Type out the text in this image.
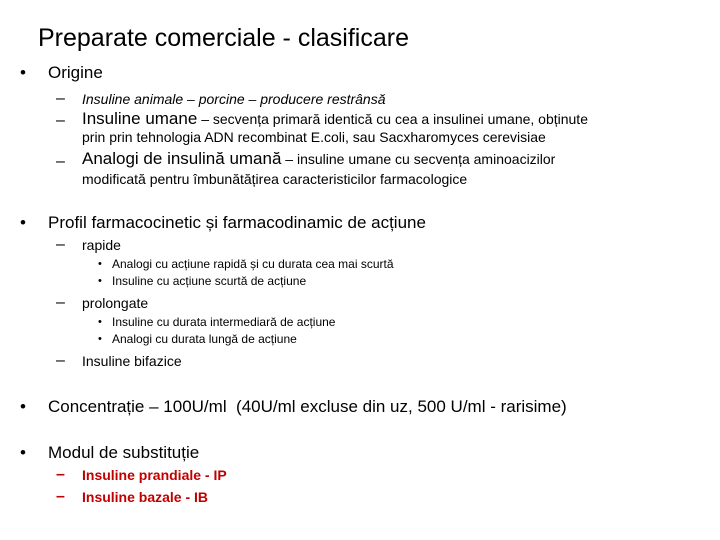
Preparate comerciale - clasificare
• Origine
– Insuline animale – porcine – producere restrânsă
– Insuline umane – secvența primară identică cu cea a insulinei umane, obținute
prin prin tehnologia ADN recombinat E.coli, sau Sacxharomyces cerevisiae
– Analogi de insulină umană – insuline umane cu secvența aminoacizilor
modificată pentru îmbunătățirea caracteristicilor farmacologice
• Profil farmacocinetic și farmacodinamic de acțiune
– rapide
• Analogi cu acțiune rapidă și cu durata cea mai scurtă
• Insuline cu acțiune scurtă de acțiune
– prolongate
• Insuline cu durata intermediară de acțiune
• Analogi cu durata lungă de acțiune
– Insuline bifazice
• Concentrație – 100U/ml (40U/ml excluse din uz, 500 U/ml - rarisime)
• Modul de substituție
– Insuline prandiale - IP
– Insuline bazale - IB
